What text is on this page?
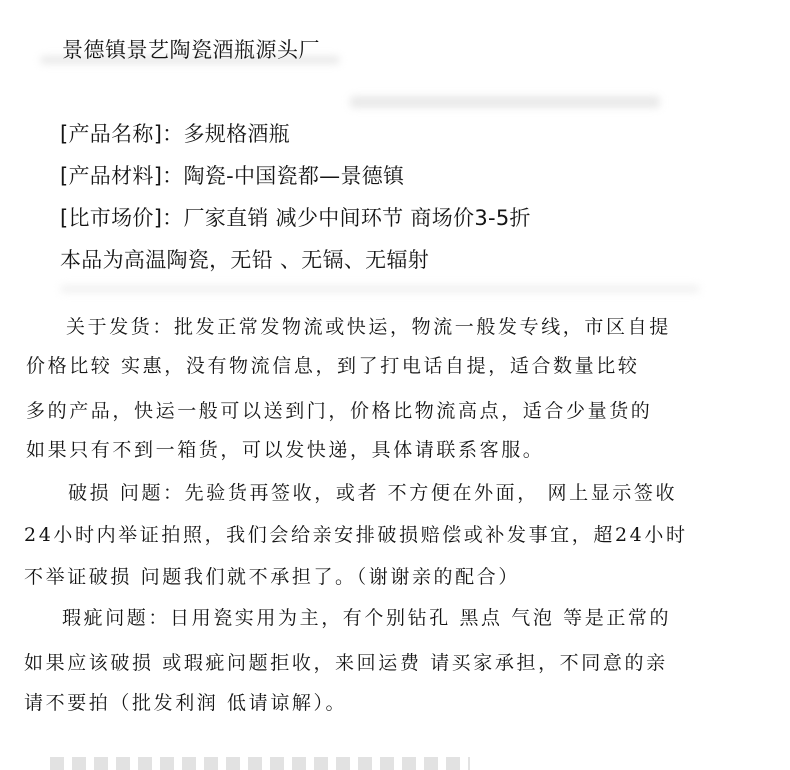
景德镇景艺陶瓷酒瓶源头厂
[产品名称]：多规格酒瓶
[产品材料]：陶瓷-中国瓷都—景德镇
[比市场价]：厂家直销 减少中间环节 商场价3-5折
本品为高温陶瓷，无铅 、无镉、无辐射
关于发货：批发正常发物流或快运，物流一般发专线，市区自提
价格比较 实惠，没有物流信息，到了打电话自提，适合数量比较
多的产品，快运一般可以送到门，价格比物流高点，适合少量货的
如果只有不到一箱货，可以发快递，具体请联系客服。
破损 问题：先验货再签收，或者 不方便在外面， 网上显示签收
24小时内举证拍照，我们会给亲安排破损赔偿或补发事宜，超24小时
不举证破损 问题我们就不承担了。（谢谢亲的配合）
瑕疵问题：日用瓷实用为主，有个别钻孔 黑点 气泡 等是正常的
如果应该破损 或瑕疵问题拒收，来回运费 请买家承担，不同意的亲
请不要拍（批发利润 低请谅解）。
